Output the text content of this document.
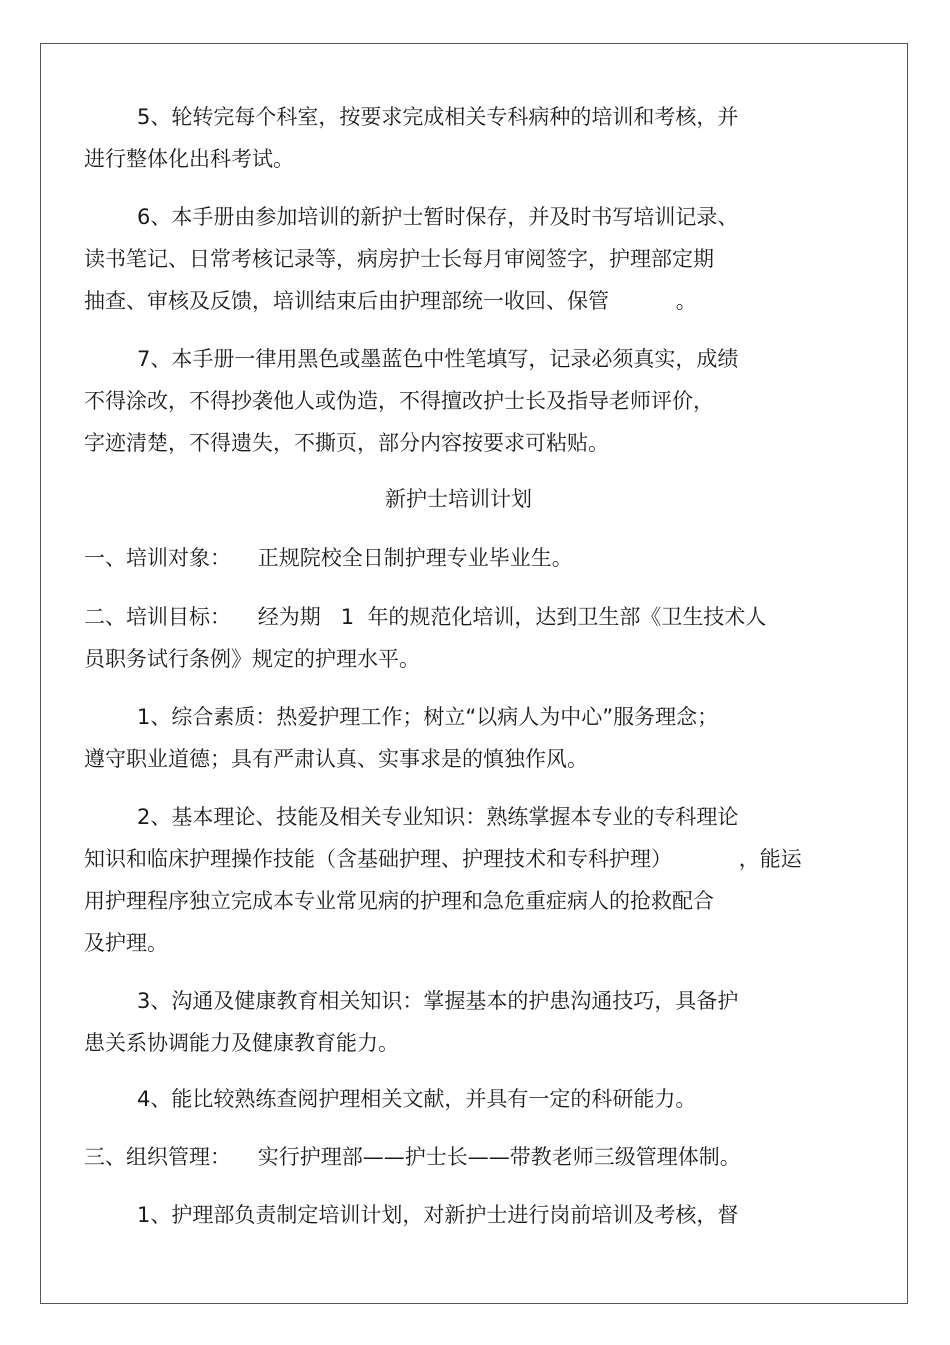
5、轮转完每个科室，按要求完成相关专科病种的培训和考核，并
进行整体化出科考试。
6、本手册由参加培训的新护士暂时保存，并及时书写培训记录、
读书笔记、日常考核记录等，病房护士长每月审阅签字，护理部定期
抽查、审核及反馈，培训结束后由护理部统一收回、保管          。
7、本手册一律用黑色或墨蓝色中性笔填写，记录必须真实，成绩
不得涂改，不得抄袭他人或伪造，不得擅改护士长及指导老师评价，
字迹清楚，不得遗失，不撕页，部分内容按要求可粘贴。
新护士培训计划
一、培训对象：    正规院校全日制护理专业毕业生。
二、培训目标：    经为期   1  年的规范化培训，达到卫生部《卫生技术人
员职务试行条例》规定的护理水平。
1、综合素质：热爱护理工作；树立“以病人为中心”服务理念；
遵守职业道德；具有严肃认真、实事求是的慎独作风。
2、基本理论、技能及相关专业知识：熟练掌握本专业的专科理论
知识和临床护理操作技能（含基础护理、护理技术和专科护理）          ，能运
用护理程序独立完成本专业常见病的护理和急危重症病人的抢救配合
及护理。
3、沟通及健康教育相关知识：掌握基本的护患沟通技巧，具备护
患关系协调能力及健康教育能力。
4、能比较熟练查阅护理相关文献，并具有一定的科研能力。
三、组织管理：    实行护理部——护士长——带教老师三级管理体制。
1、护理部负责制定培训计划，对新护士进行岗前培训及考核，督
